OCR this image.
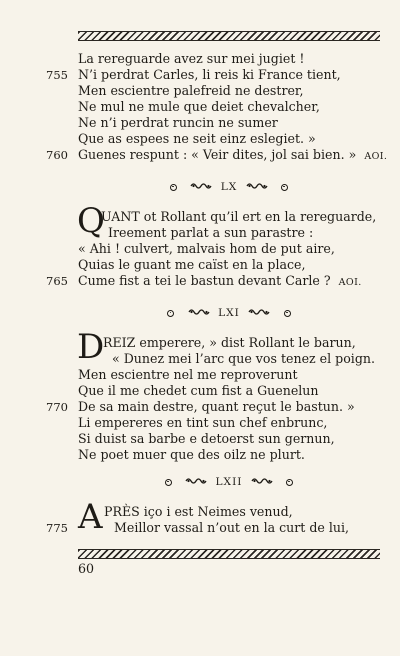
La rereguarde avez sur mei jugiet !
755 N’i perdrat Carles, li reis ki France tient,
Men escientre palefreid ne destrer,
Ne mul ne mule que deiet chevalcher,
Ne n’i perdrat runcin ne sumer
Que as espees ne seit einz eslegiet. »
760 Guenes respunt : « Veir dites, jol sai bien. » AOI.
LX
Q
UANT ot Rollant qu’il ert en la rereguarde,
Ireement parlat a sun parastre :
« Ahi ! culvert, malvais hom de put aire,
Quias le guant me caïst en la place,
765 Cume fist a tei le bastun devant Carle ? AOI.
LXI
D
REIZ emperere, » dist Rollant le barun,
« Dunez mei l’arc que vos tenez el poign.
Men escientre nel me reproverunt
Que il me chedet cum fist a Guenelun
770 De sa main destre, quant reçut le bastun. »
Li empereres en tint sun chef enbrunc,
Si duist sa barbe e detoerst sun gernun,
Ne poet muer que des oilz ne plurt.
LXII
A PRÈS iço i est Neimes venud,
775	Meillor vassal n’out en la curt de lui,
60
